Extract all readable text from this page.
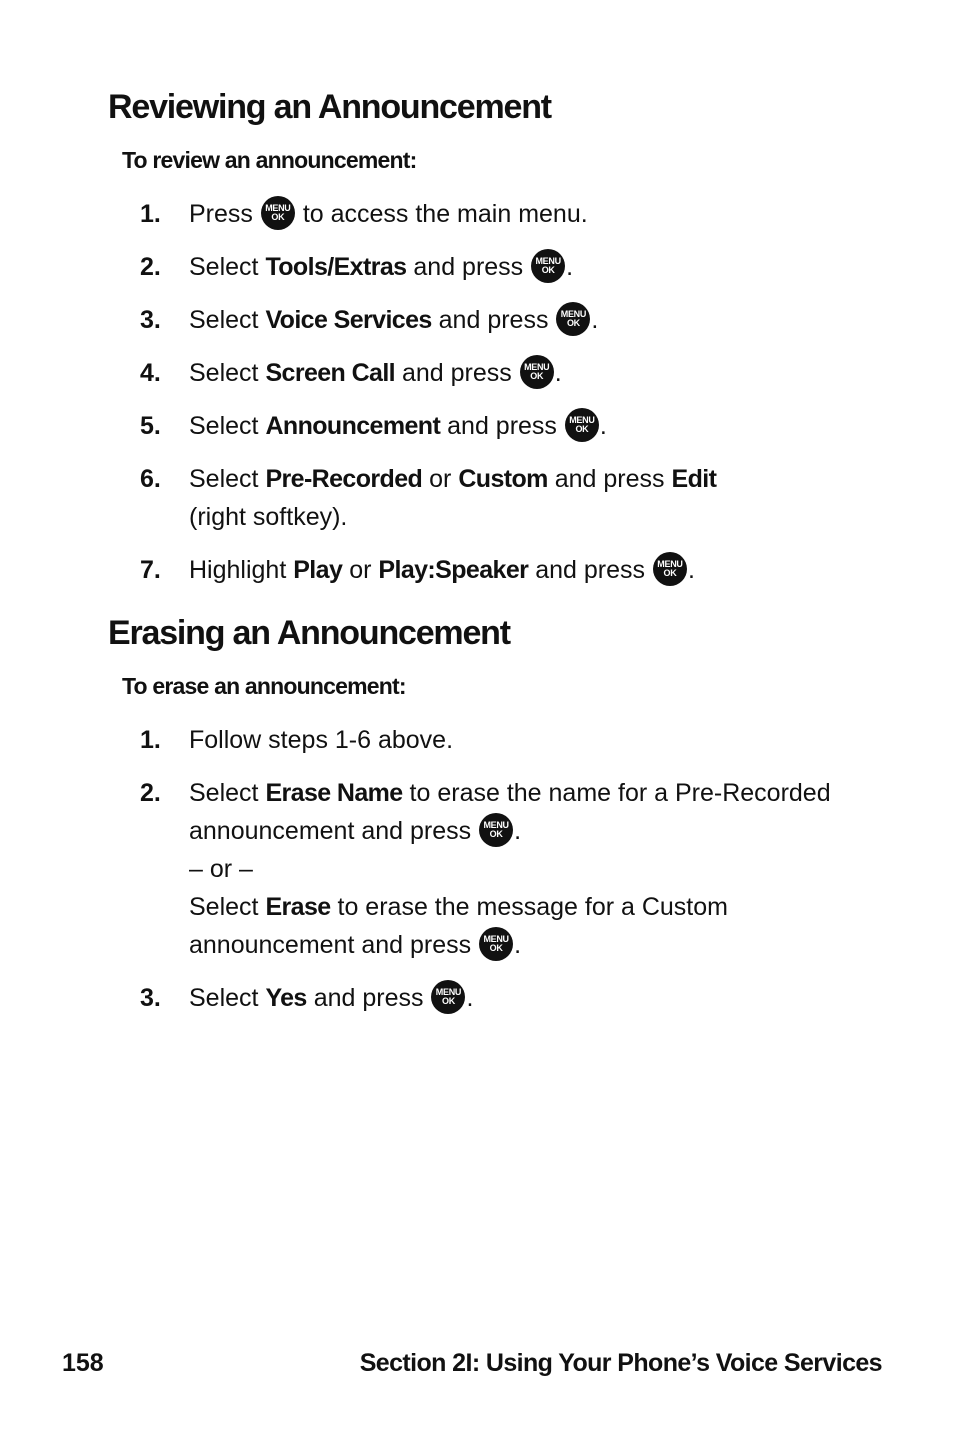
Reviewing an Announcement

To review an announcement:

1.	Press	MENU
OK to access the main menu.
2.	Select Tools/Extras and press	MENU
OK .
3.	Select Voice Services and press	MENU
OK .
4.	Select Screen Call and press	MENU
OK .
5.	Select Announcement and press	MENU
OK .
6.	Select Pre-Recorded or Custom and press Edit
(right softkey).
7.	Highlight Play or Play:Speaker and press	MENU
OK .
Erasing an Announcement

To erase an announcement:

1.	Follow steps 1-6 above.
2.	Select Erase Name to erase the name for a Pre-Recorded
announcement and press	MENU
OK .
– or –
Select Erase to erase the message for a Custom
announcement and press	MENU
OK .
3.	Select Yes and press	MENU
OK .

158	Section 2I: Using Your Phone’s Voice Services
